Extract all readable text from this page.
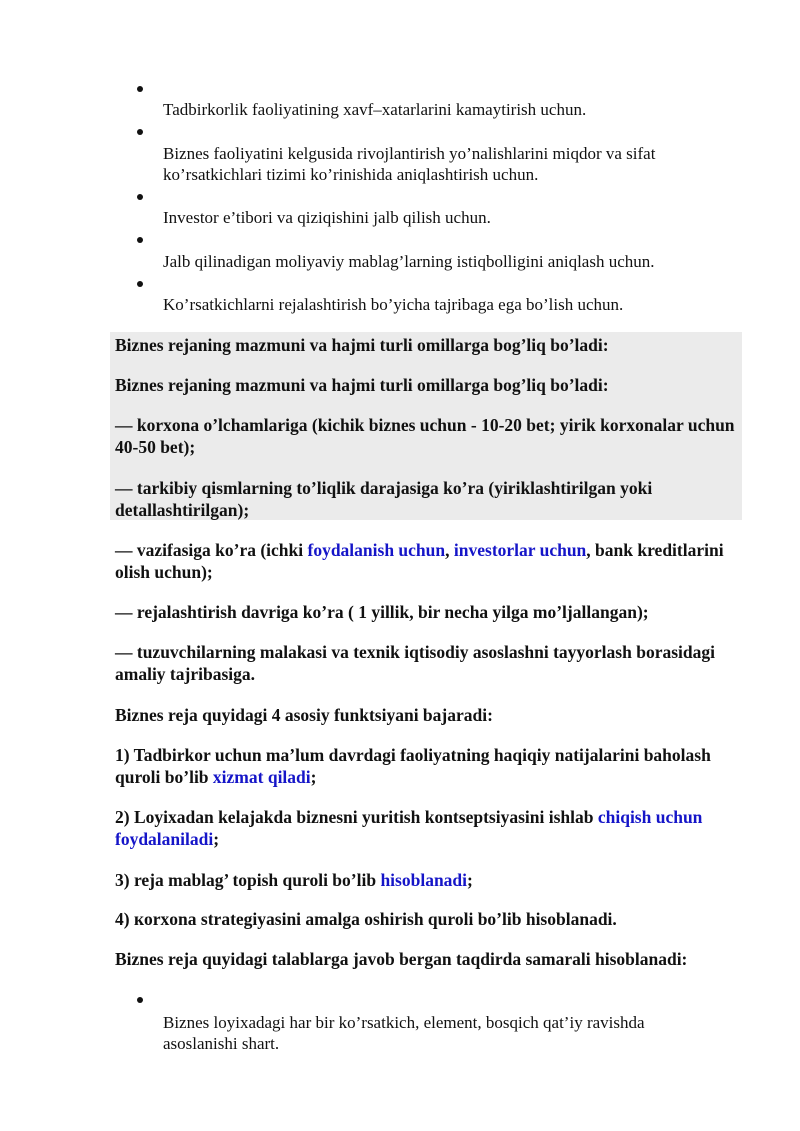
Tadbirkorlik faoliyatining xavf–xatarlarini kamaytirish uchun.
Biznes faoliyatini kelgusida rivojlantirish yo’nalishlarini miqdor va sifat ko’rsatkichlari tizimi ko’rinishida aniqlashtirish uchun.
Investor e’tibori va qiziqishini jalb qilish uchun.
Jalb qilinadigan moliyaviy mablag’larning istiqbolligini aniqlash uchun.
Ko’rsatkichlarni rejalashtirish bo’yicha tajribaga ega bo’lish uchun.
Biznes rejaning mazmuni va hajmi turli omillarga bog’liq bo’ladi:
Biznes rejaning mazmuni va hajmi turli omillarga bog’liq bo’ladi:
— korxona o’lchamlariga (kichik biznes uchun - 10-20 bet; yirik korxonalar uchun 40-50 bet);
— tarkibiy qismlarning to’liqlik darajasiga ko’ra (yiriklashtirilgan yoki detallashtirilgan);
— vazifasiga ko’ra (ichki foydalanish uchun, investorlar uchun, bank kreditlarini olish uchun);
— rejalashtirish davriga ko’ra ( 1 yillik, bir necha yilga mo’ljallangan);
— tuzuvchilarning malakasi va texnik iqtisodiy asoslashni tayyorlash borasidagi amaliy tajribasiga.
Biznes reja quyidagi 4 asosiy funktsiyani bajaradi:
1) Tadbirkor uchun ma’lum davrdagi faoliyatning haqiqiy natijalarini baholash quroli bo’lib xizmat qiladi;
2) Loyixadan kelajakda biznesni yuritish kontseptsiyasini ishlab chiqish uchun foydalaniladi;
3) reja mablag’ topish quroli bo’lib hisoblanadi;
4) кorxona strategiyasini amalga oshirish quroli bo’lib hisoblanadi.
Biznes reja quyidagi talablarga javob bergan taqdirda samarali hisoblanadi:
Biznes loyixadagi har bir ko’rsatkich, element, bosqich qat’iy ravishda asoslanishi shart.
